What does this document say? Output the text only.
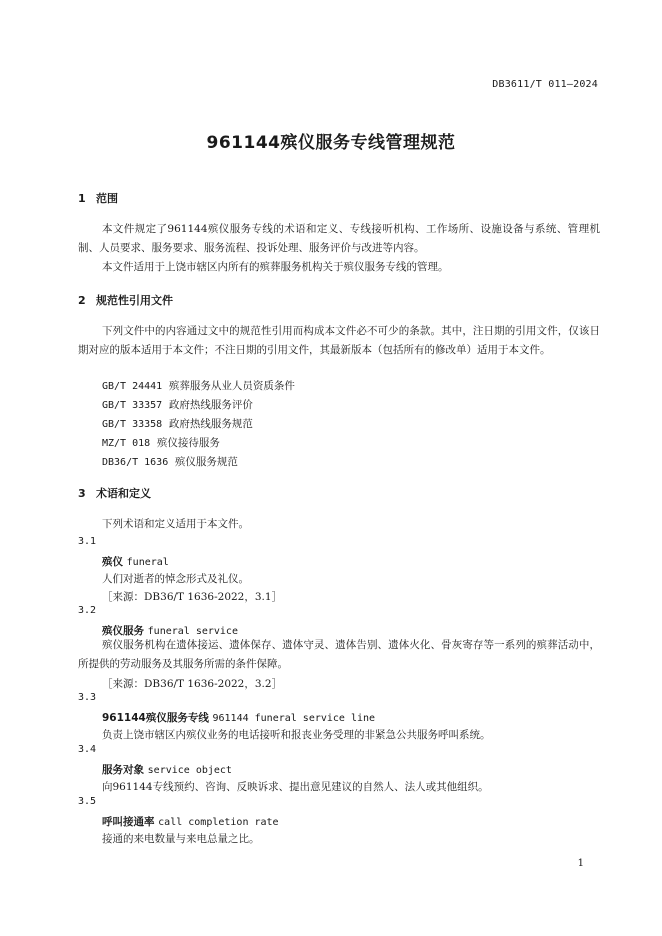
DB3611/T 011—2024
961144殡仪服务专线管理规范
1 范围
本文件规定了961144殡仪服务专线的术语和定义、专线接听机构、工作场所、设施设备与系统、管理机制、人员要求、服务要求、服务流程、投诉处理、服务评价与改进等内容。
本文件适用于上饶市辖区内所有的殡葬服务机构关于殡仪服务专线的管理。
2 规范性引用文件
下列文件中的内容通过文中的规范性引用而构成本文件必不可少的条款。其中，注日期的引用文件，仅该日期对应的版本适用于本文件；不注日期的引用文件，其最新版本（包括所有的修改单）适用于本文件。
GB/T 24441 殡葬服务从业人员资质条件
GB/T 33357 政府热线服务评价
GB/T 33358 政府热线服务规范
MZ/T 018 殡仪接待服务
DB36/T 1636 殡仪服务规范
3 术语和定义
下列术语和定义适用于本文件。
3.1
殡仪 funeral
人们对逝者的悼念形式及礼仪。
［来源：DB36/T 1636-2022，3.1］
3.2
殡仪服务 funeral service
殡仪服务机构在遗体接运、遗体保存、遗体守灵、遗体告别、遗体火化、骨灰寄存等一系列的殡葬活动中，所提供的劳动服务及其服务所需的条件保障。
［来源：DB36/T 1636-2022，3.2］
3.3
961144殡仪服务专线 961144 funeral service line
负责上饶市辖区内殡仪业务的电话接听和报丧业务受理的非紧急公共服务呼叫系统。
3.4
服务对象 service object
向961144专线预约、咨询、反映诉求、提出意见建议的自然人、法人或其他组织。
3.5
呼叫接通率 call completion rate
接通的来电数量与来电总量之比。
1
